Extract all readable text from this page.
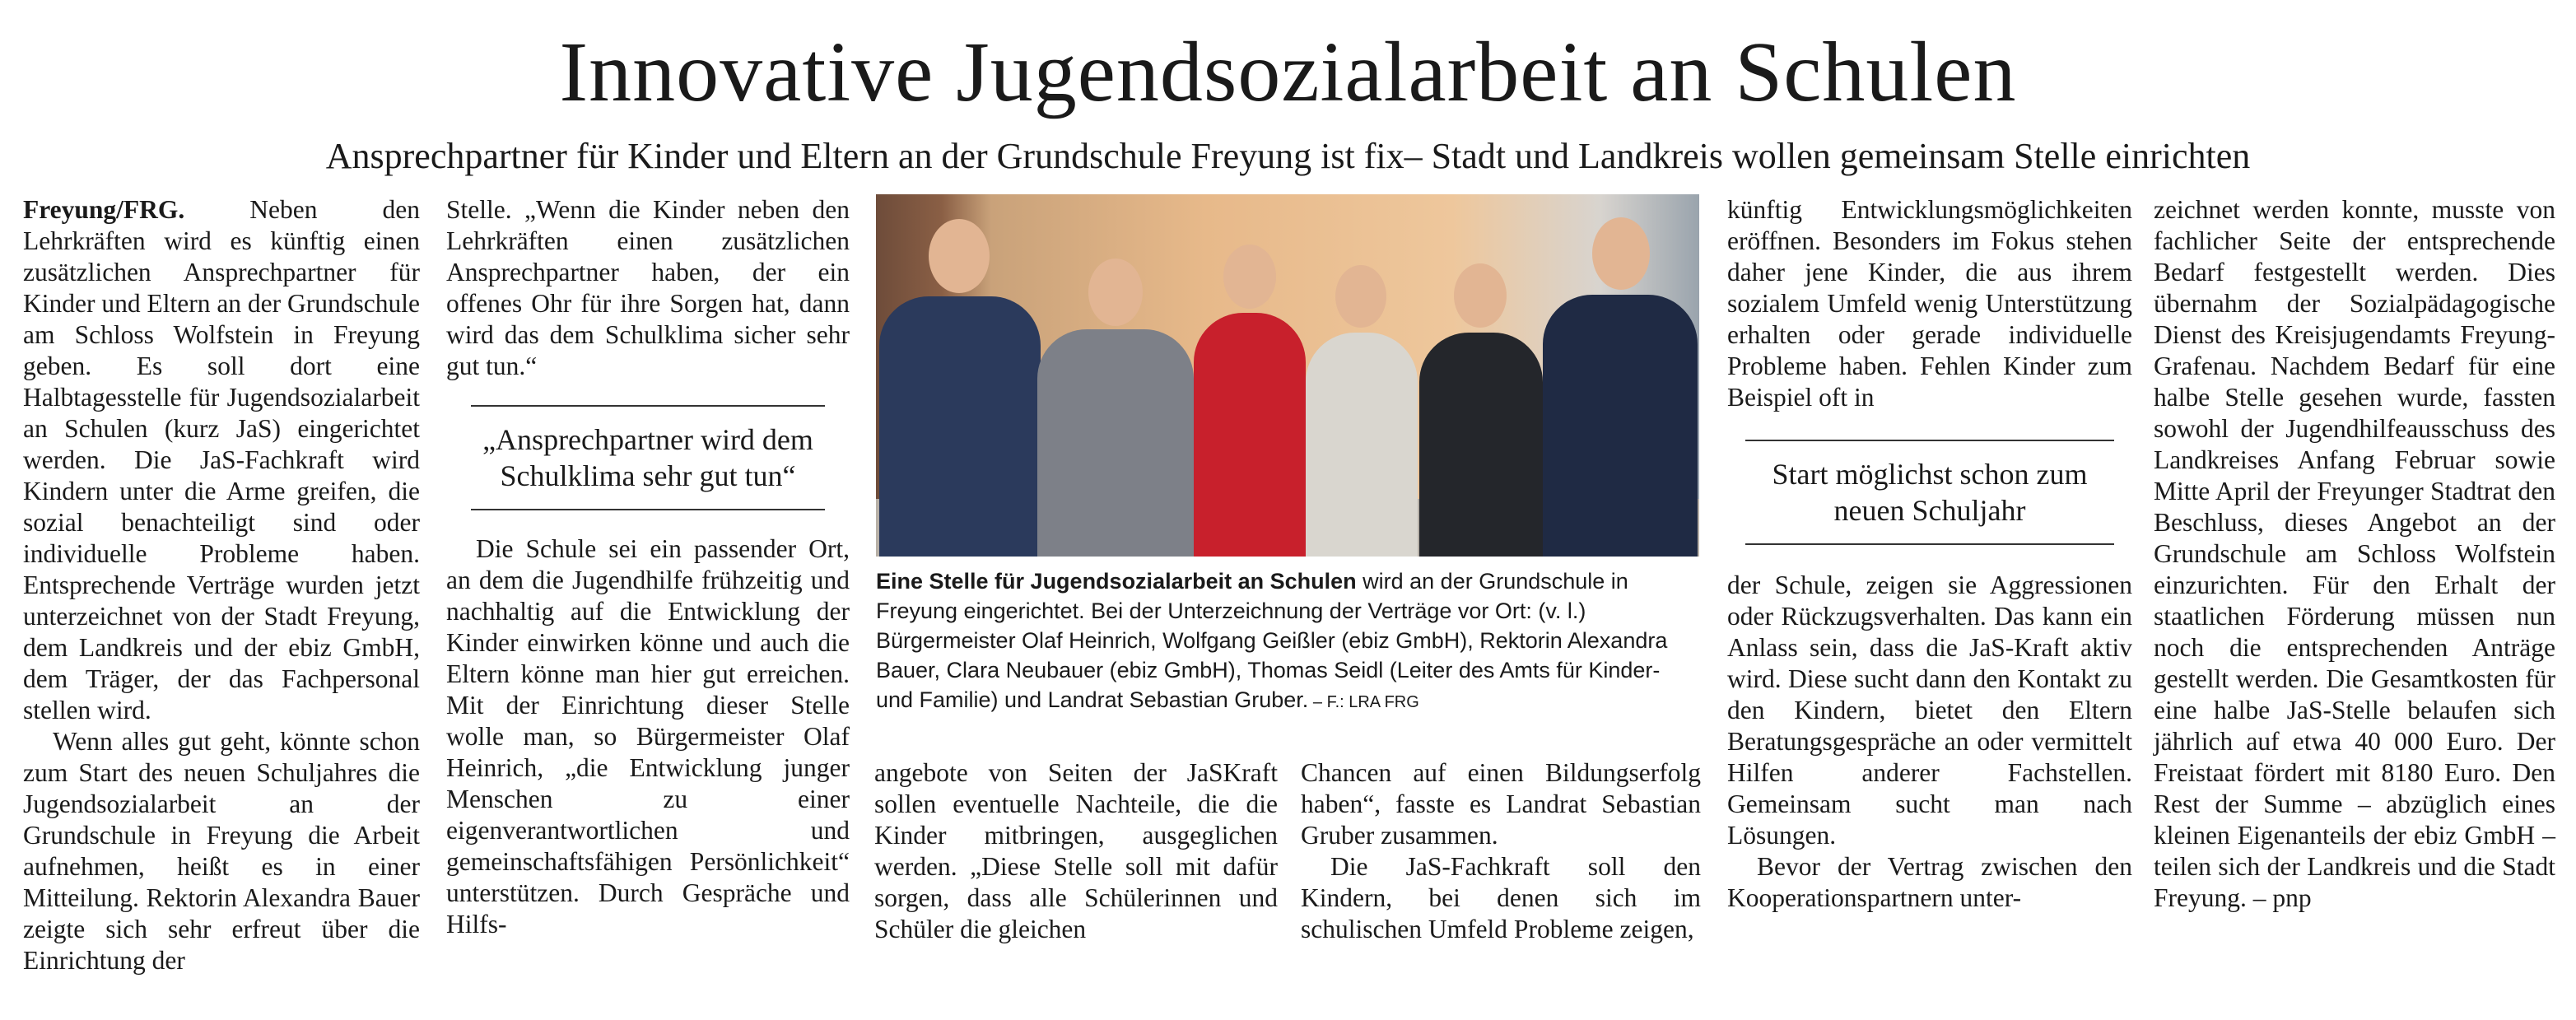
Innovative Jugendsozialarbeit an Schulen
Ansprechpartner für Kinder und Eltern an der Grundschule Freyung ist fix– Stadt und Landkreis wollen gemeinsam Stelle einrichten

Freyung/FRG.	Neben den Lehrkräften wird es künftig einen zusätzlichen Ansprechpartner für Kinder und Eltern an der Grundschule am Schloss Wolfstein in Freyung geben. Es soll dort eine Halbtagesstelle für Jugendsozialarbeit an Schulen (kurz JaS) eingerichtet werden. Die JaS-Fachkraft wird Kindern unter die Arme greifen, die sozial benachteiligt sind oder individuelle Probleme haben. Entsprechende Verträge wurden jetzt unterzeichnet von der Stadt Freyung, dem Landkreis und der ebiz GmbH, dem Träger, der das Fachpersonal stellen wird.

Wenn alles gut geht, könnte schon zum Start des neuen Schuljahres die Jugendsozialarbeit an der Grundschule in Freyung die Arbeit aufnehmen, heißt es in einer Mitteilung. Rektorin Alexandra Bauer zeigte sich sehr erfreut über die Einrichtung der

Stelle. „Wenn die Kinder neben den Lehrkräften einen zusätzlichen Ansprechpartner haben, der ein offenes Ohr für ihre Sorgen hat, dann wird das dem Schulklima sicher sehr gut tun.“

„Ansprechpartner wird dem Schulklima sehr gut tun“

Die Schule sei ein passender Ort, an dem die Jugendhilfe frühzeitig und nachhaltig auf die Entwicklung der Kinder einwirken könne und auch die Eltern könne man hier gut erreichen. Mit der Einrichtung dieser Stelle wolle man, so Bürgermeister Olaf Heinrich, „die Entwicklung junger Menschen zu einer eigenverantwortlichen und gemeinschaftsfähigen Persönlichkeit“ unterstützen. Durch Gespräche und Hilfs-

Eine Stelle für Jugendsozialarbeit an Schulen wird an der Grundschule in Freyung eingerichtet. Bei der Unterzeichnung der Verträge vor Ort: (v. l.) Bürgermeister Olaf Heinrich, Wolfgang Geißler (ebiz GmbH), Rektorin Alexandra Bauer, Clara Neubauer (ebiz GmbH), Thomas Seidl (Leiter des Amts für Kinder- und Familie) und Landrat Sebastian Gruber. – F.: LRA FRG

angebote von Seiten der JaSKraft sollen eventuelle Nachteile, die die Kinder mitbringen, ausgeglichen werden. „Diese Stelle soll mit dafür sorgen, dass alle Schülerinnen und Schüler die gleichen

Chancen auf einen Bildungserfolg haben“, fasste es Landrat Sebastian Gruber zusammen.

Die JaS-Fachkraft soll den Kindern, bei denen sich im schulischen Umfeld Probleme zeigen,

künftig Entwicklungsmöglichkeiten eröffnen. Besonders im Fokus stehen daher jene Kinder, die aus ihrem sozialem Umfeld wenig Unterstützung erhalten oder gerade individuelle Probleme haben. Fehlen Kinder zum Beispiel oft in

Start möglichst schon zum neuen Schuljahr

der Schule, zeigen sie Aggressionen oder Rückzugsverhalten. Das kann ein Anlass sein, dass die JaS-Kraft aktiv wird. Diese sucht dann den Kontakt zu den Kindern, bietet den Eltern Beratungsgespräche an oder vermittelt Hilfen anderer Fachstellen. Gemeinsam sucht man nach Lösungen.

Bevor der Vertrag zwischen den Kooperationspartnern unter-

zeichnet werden konnte, musste von fachlicher Seite der entsprechende Bedarf festgestellt werden. Dies übernahm der Sozialpädagogische Dienst des Kreisjugendamts Freyung-Grafenau. Nachdem Bedarf für eine halbe Stelle gesehen wurde, fassten sowohl der Jugendhilfeausschuss des Landkreises Anfang Februar sowie Mitte April der Freyunger Stadtrat den Beschluss, dieses Angebot an der Grundschule am Schloss Wolfstein einzurichten. Für den Erhalt der staatlichen Förderung müssen nun noch die entsprechenden Anträge gestellt werden. Die Gesamtkosten für eine halbe JaS-Stelle belaufen sich jährlich auf etwa 40 000 Euro. Der Freistaat fördert mit 8180 Euro. Den Rest der Summe – abzüglich eines kleinen Eigenanteils der ebiz GmbH – teilen sich der Landkreis und die Stadt Freyung. – pnp
